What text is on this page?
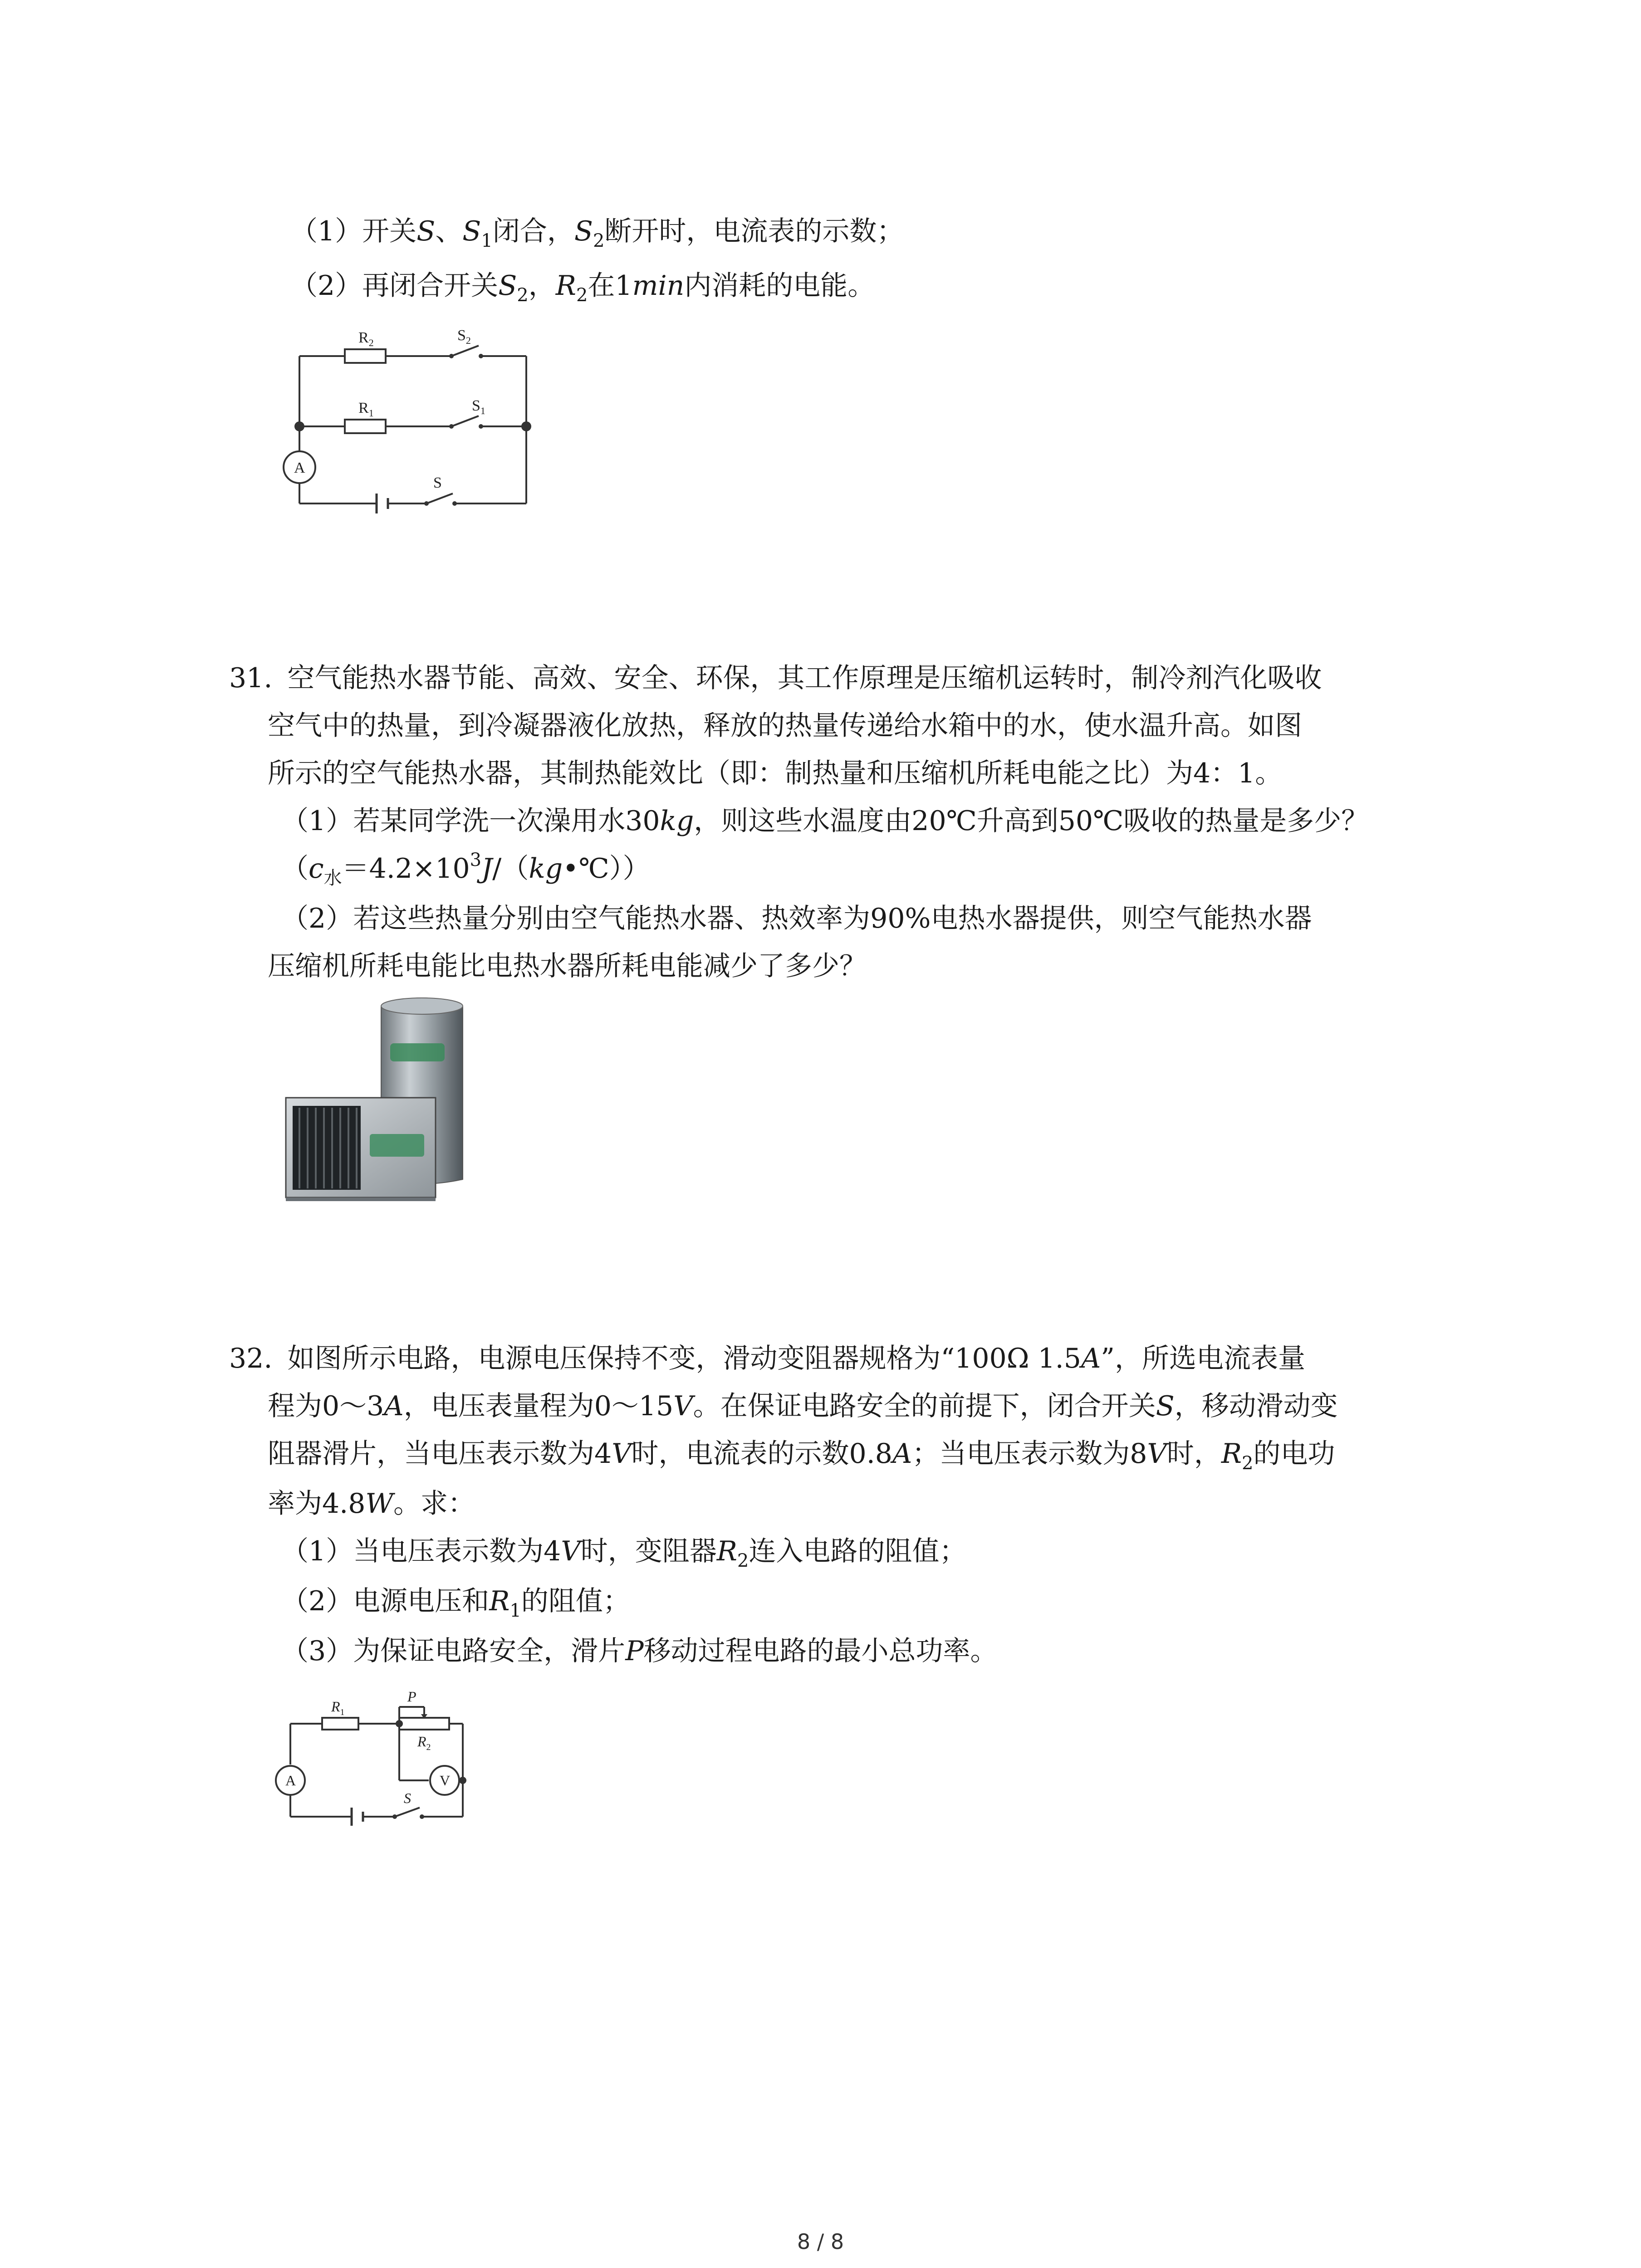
（1）开关S、$S_1$闭合，$S_2$断开时，电流表的示数；
（2）再闭合开关$S_2$，$R_2$在1min内消耗的电能。
$R_2$	$S_2$
$R_1$	$S_1$
A
S
31. 空气能热水器节能、高效、安全、环保，其工作原理是压缩机运转时，制冷剂汽化吸收
空气中的热量，到冷凝器液化放热，释放的热量传递给水箱中的水，使水温升高。如图
所示的空气能热水器，其制热能效比（即：制热量和压缩机所耗电能之比）为4：1。
（1）若某同学洗一次澡用水30kg，则这些水温度由20℃升高到50℃吸收的热量是多少？
$(c_水=4.2\times 10^3J/(kg•℃))$
（2）若这些热量分别由空气能热水器、热效率为90%电热水器提供，则空气能热水器
压缩机所耗电能比电热水器所耗电能减少了多少？
32. 如图所示电路，电源电压保持不变，滑动变阻器规格为“100Ω 1.5A”，所选电流表量
程为0～3A，电压表量程为0～15V。在保证电路安全的前提下，闭合开关S，移动滑动变
阻器滑片，当电压表示数为4V时，电流表的示数0.8A；当电压表示数为8V时，$R_2$的电功
率为4.8W。求：
（1）当电压表示数为4V时，变阻器$R_2$连入电路的阻值；
（2）电源电压和$R_1$的阻值；
（3）为保证电路安全，滑片P移动过程电路的最小总功率。
$R_1$
P
$R_2$
S
A	V
8 / 8
